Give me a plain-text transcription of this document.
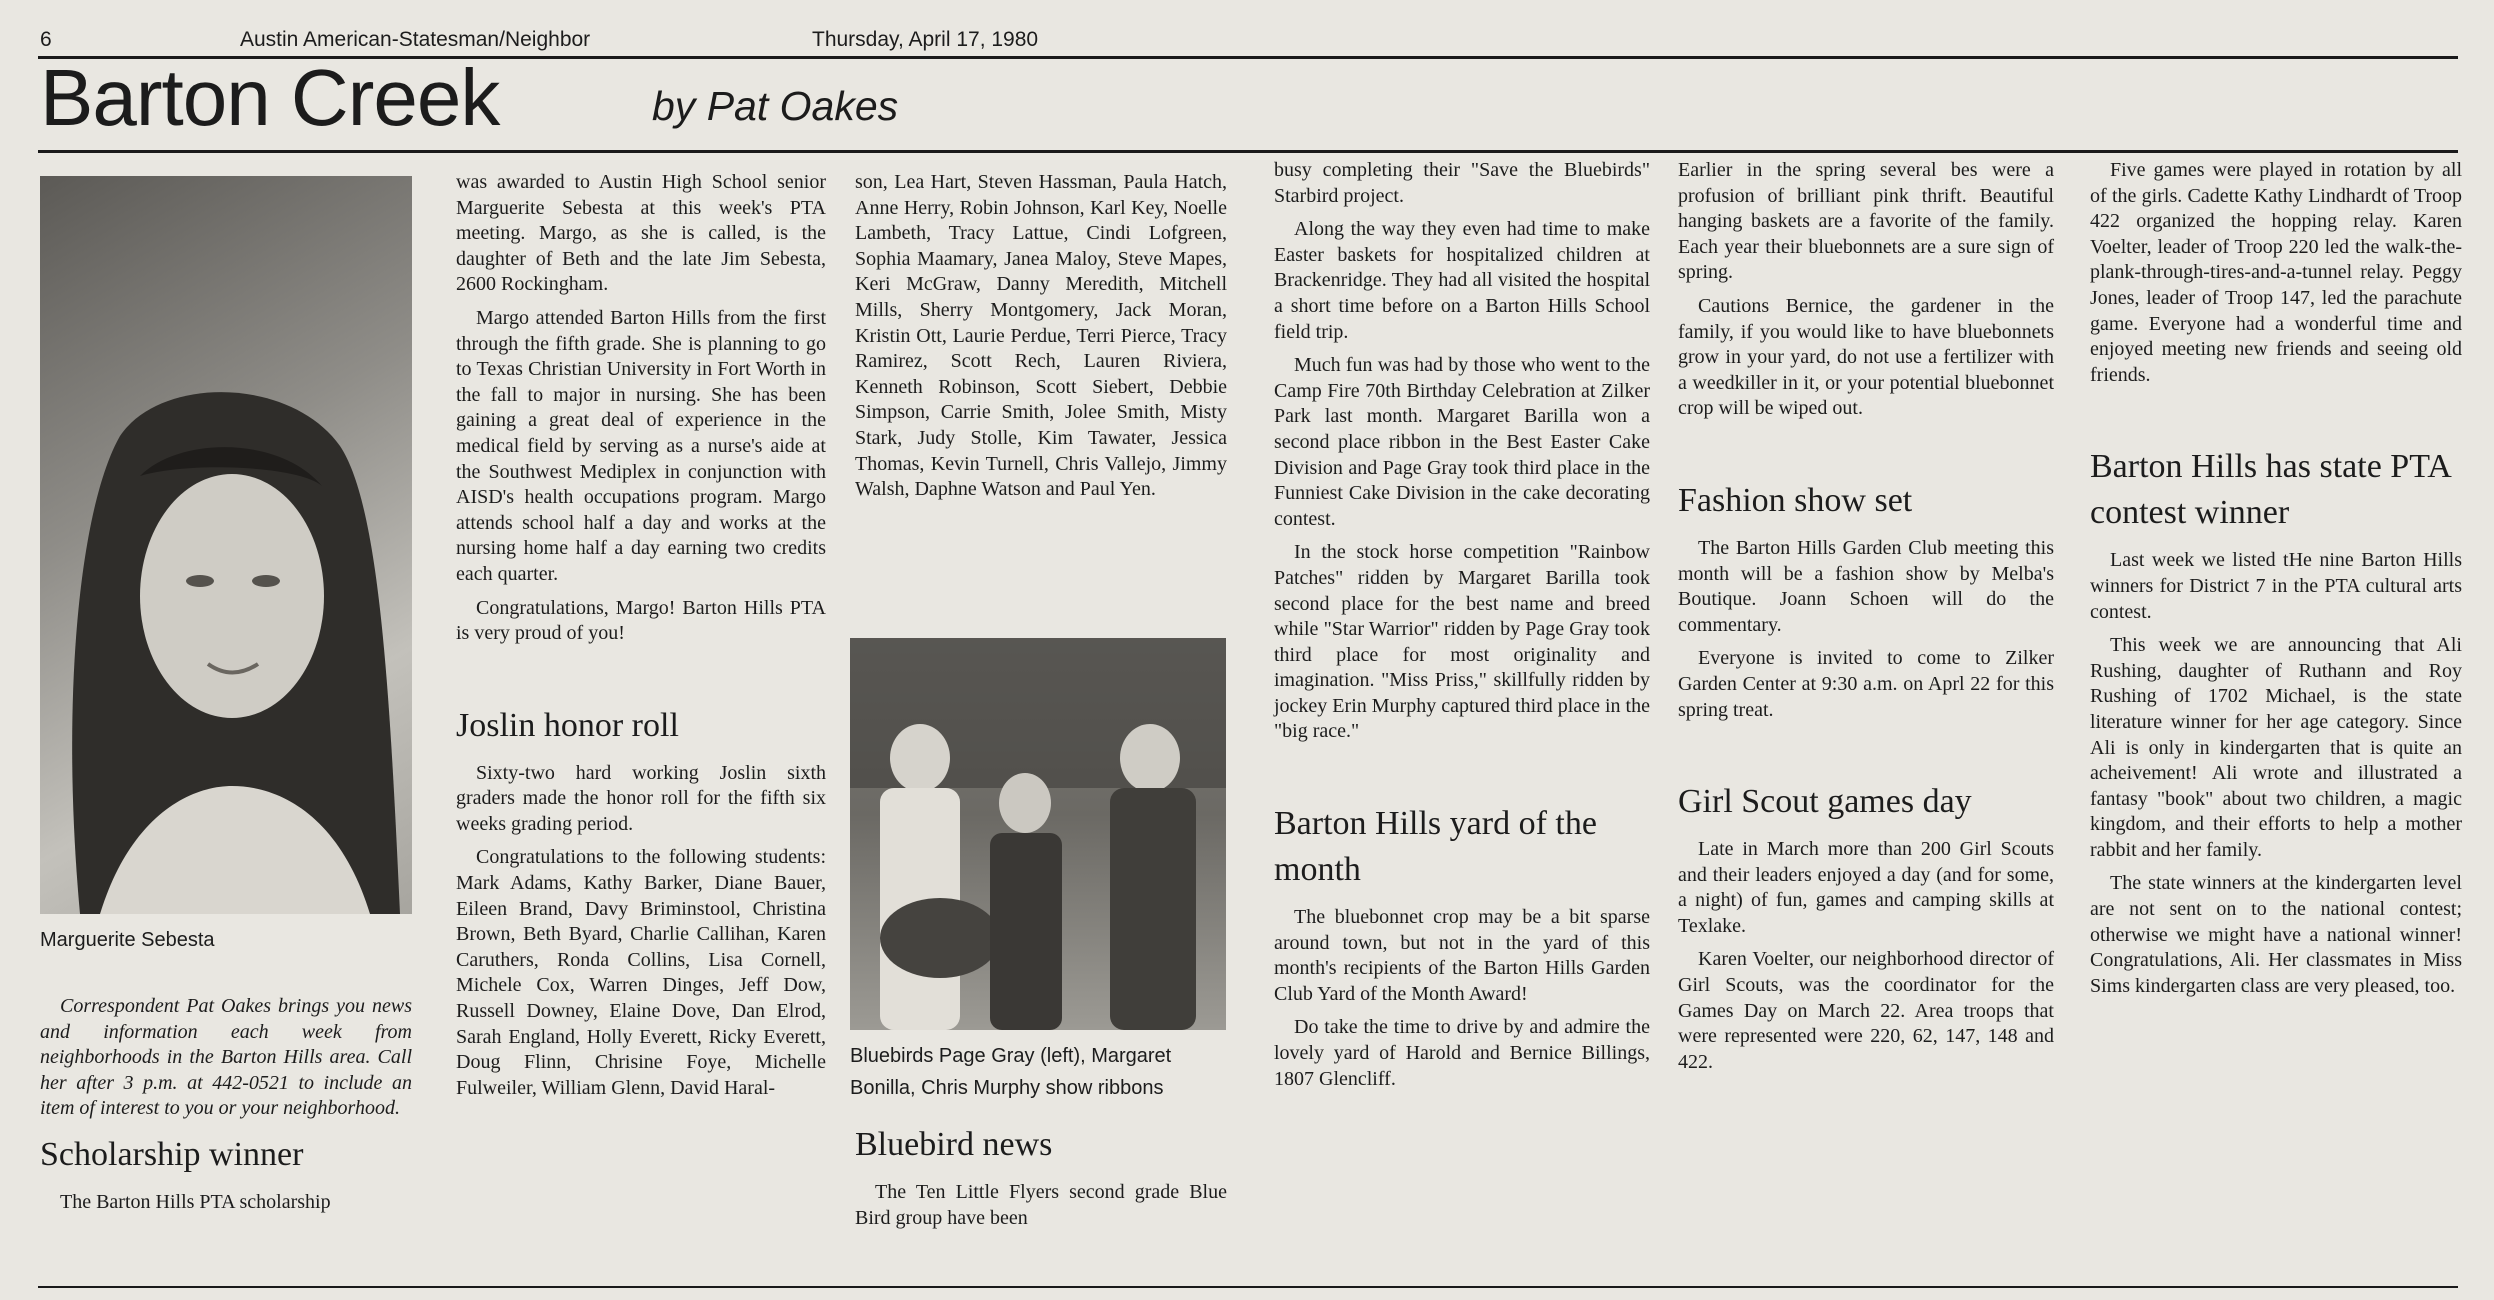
6	Austin American-Statesman/Neighbor	Thursday, April 17, 1980
Barton Creek	by Pat Oakes
Marguerite Sebesta

Correspondent Pat Oakes brings you news and information each week from neighborhoods in the Barton Hills area. Call her after 3 p.m. at 442-0521 to include an item of interest to you or your neighborhood.

Scholarship winner

The Barton Hills PTA scholarship

was awarded to Austin High School senior Marguerite Sebesta at this week's PTA meeting. Margo, as she is called, is the daughter of Beth and the late Jim Sebesta, 2600 Rockingham.

Margo attended Barton Hills from the first through the fifth grade. She is planning to go to Texas Christian University in Fort Worth in the fall to major in nursing. She has been gaining a great deal of experience in the medical field by serving as a nurse's aide at the Southwest Mediplex in conjunction with AISD's health occupations program. Margo attends school half a day and works at the nursing home half a day earning two credits each quarter.

Congratulations, Margo! Barton Hills PTA is very proud of you!

Joslin honor roll

Sixty-two hard working Joslin sixth graders made the honor roll for the fifth six weeks grading period.

Congratulations to the following students: Mark Adams, Kathy Barker, Diane Bauer, Eileen Brand, Davy Briminstool, Christina Brown, Beth Byard, Charlie Callihan, Karen Caruthers, Ronda Collins, Lisa Cornell, Michele Cox, Warren Dinges, Jeff Dow, Russell Downey, Elaine Dove, Dan Elrod, Sarah England, Holly Everett, Ricky Everett, Doug Flinn, Chrisine Foye, Michelle Fulweiler, William Glenn, David Haral-

son, Lea Hart, Steven Hassman, Paula Hatch, Anne Herry, Robin Johnson, Karl Key, Noelle Lambeth, Tracy Lattue, Cindi Lofgreen, Sophia Maamary, Janea Maloy, Steve Mapes, Keri McGraw, Danny Meredith, Mitchell Mills, Sherry Montgomery, Jack Moran, Kristin Ott, Laurie Perdue, Terri Pierce, Tracy Ramirez, Scott Rech, Lauren Riviera, Kenneth Robinson, Scott Siebert, Debbie Simpson, Carrie Smith, Jolee Smith, Misty Stark, Judy Stolle, Kim Tawater, Jessica Thomas, Kevin Turnell, Chris Vallejo, Jimmy Walsh, Daphne Watson and Paul Yen.

Bluebirds Page Gray (left), Margaret
Bonilla, Chris Murphy show ribbons
Bluebird news

The Ten Little Flyers second grade Blue Bird group have been

busy completing their "Save the Bluebirds" Starbird project.

Along the way they even had time to make Easter baskets for hospitalized children at Brackenridge. They had all visited the hospital a short time before on a Barton Hills School field trip.

Much fun was had by those who went to the Camp Fire 70th Birthday Celebration at Zilker Park last month. Margaret Barilla won a second place ribbon in the Best Easter Cake Division and Page Gray took third place in the Funniest Cake Division in the cake decorating contest.

In the stock horse competition "Rainbow Patches" ridden by Margaret Barilla took second place for the best name and breed while "Star Warrior" ridden by Page Gray took third place for most originality and imagination. "Miss Priss," skillfully ridden by jockey Erin Murphy captured third place in the "big race."

Barton Hills yard of the month

The bluebonnet crop may be a bit sparse around town, but not in the yard of this month's recipients of the Barton Hills Garden Club Yard of the Month Award!

Do take the time to drive by and admire the lovely yard of Harold and Bernice Billings, 1807 Glencliff.

Earlier in the spring several bes were a profusion of brilliant pink thrift. Beautiful hanging baskets are a favorite of the family. Each year their bluebonnets are a sure sign of spring.

Cautions Bernice, the gardener in the family, if you would like to have bluebonnets grow in your yard, do not use a fertilizer with a weedkiller in it, or your potential bluebonnet crop will be wiped out.

Fashion show set

The Barton Hills Garden Club meeting this month will be a fashion show by Melba's Boutique. Joann Schoen will do the commentary.

Everyone is invited to come to Zilker Garden Center at 9:30 a.m. on Aprl 22 for this spring treat.

Girl Scout games day

Late in March more than 200 Girl Scouts and their leaders enjoyed a day (and for some, a night) of fun, games and camping skills at Texlake.

Karen Voelter, our neighborhood director of Girl Scouts, was the coordinator for the Games Day on March 22. Area troops that were represented were 220, 62, 147, 148 and 422.

Five games were played in rotation by all of the girls. Cadette Kathy Lindhardt of Troop 422 organized the hopping relay. Karen Voelter, leader of Troop 220 led the walk-the-plank-through-tires-and-a-tunnel relay. Peggy Jones, leader of Troop 147, led the parachute game. Everyone had a wonderful time and enjoyed meeting new friends and seeing old friends.

Barton Hills has state PTA contest winner

Last week we listed tHe nine Barton Hills winners for District 7 in the PTA cultural arts contest.

This week we are announcing that Ali Rushing, daughter of Ruthann and Roy Rushing of 1702 Michael, is the state literature winner for her age category. Since Ali is only in kindergarten that is quite an acheivement! Ali wrote and illustrated a fantasy "book" about two children, a magic kingdom, and their efforts to help a mother rabbit and her family.

The state winners at the kindergarten level are not sent on to the national contest; otherwise we might have a national winner! Congratulations, Ali. Her classmates in Miss Sims kindergarten class are very pleased, too.
